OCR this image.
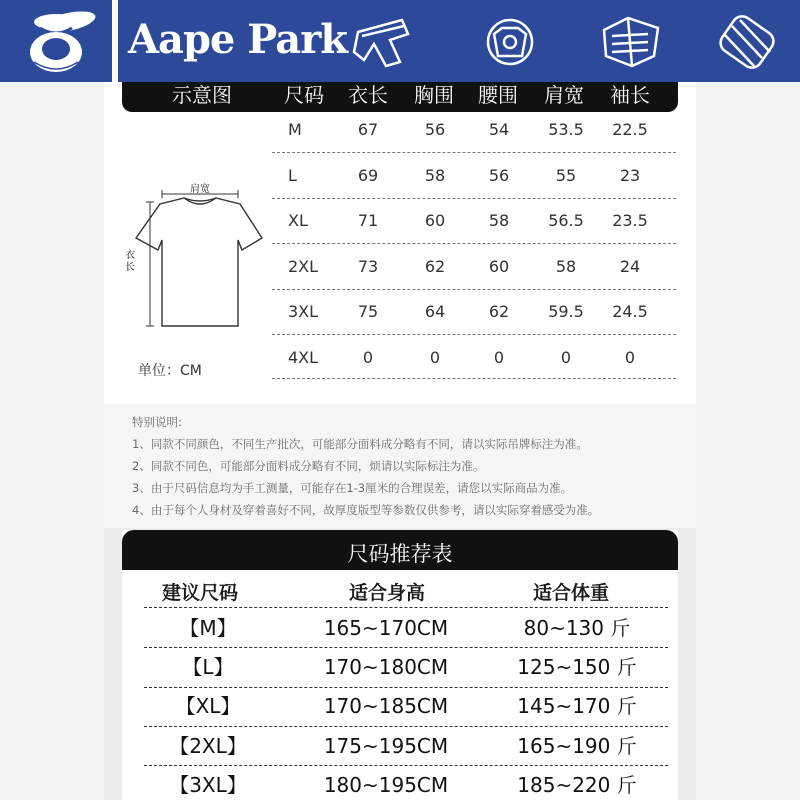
Aape Park
示意图	尺码	衣长	胸围	腰围	肩宽	袖长
肩宽
衣
长
单位：CM
M	67	56	54	53.5	22.5
L	69	58	56	55	23
XL	71	60	58	56.5	23.5
2XL	73	62	60	58	24
3XL	75	64	62	59.5	24.5
4XL	0	0	0	0	0
特别说明:
1、同款不同颜色，不同生产批次，可能部分面料成分略有不同，请以实际吊牌标注为准。
2、同款不同色，可能部分面料成分略有不同，烦请以实际标注为准。
3、由于尺码信息均为手工测量，可能存在1-3厘米的合理误差，请您以实际商品为准。
4、由于每个人身材及穿着喜好不同，故厚度版型等参数仅供参考，请以实际穿着感受为准。
尺码推荐表
建议尺码	适合身高	适合体重
【M】	165~170CM	80~130 斤
【L】	170~180CM	125~150 斤
【XL】	170~185CM	145~170 斤
【2XL】	175~195CM	165~190 斤
【3XL】	180~195CM	185~220 斤
